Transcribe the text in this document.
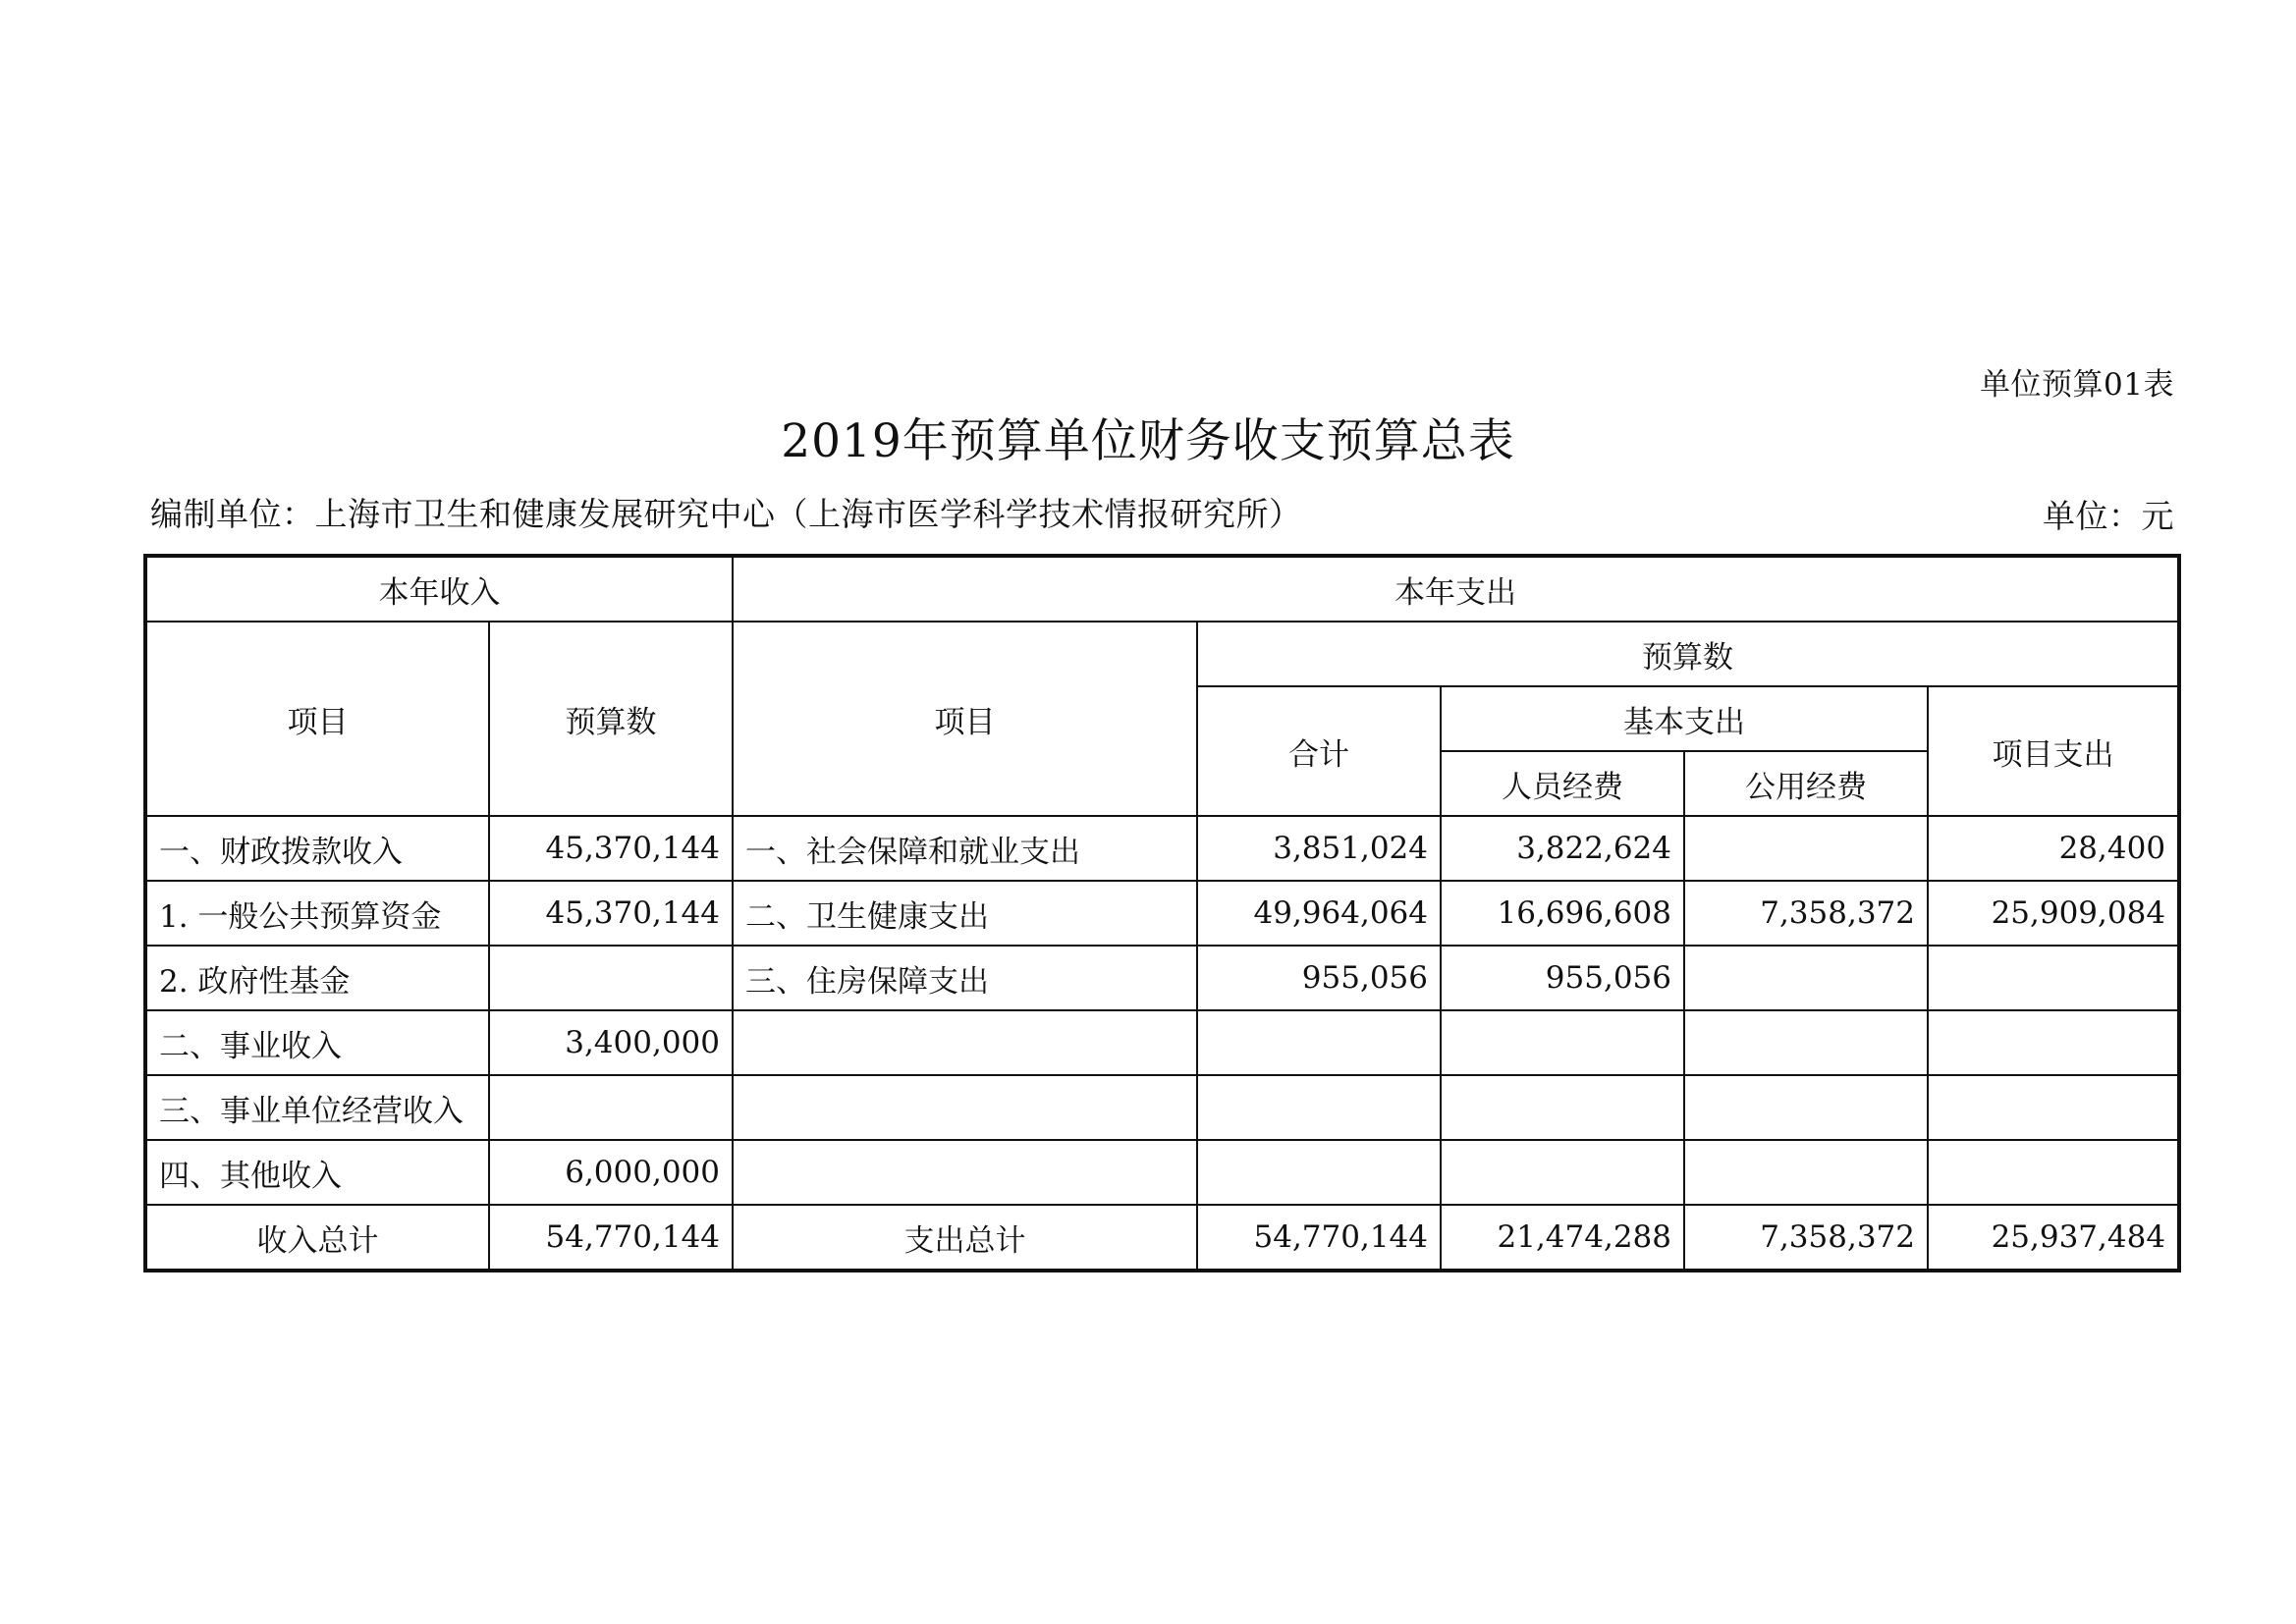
单位预算01表
2019年预算单位财务收支预算总表
编制单位：上海市卫生和健康发展研究中心（上海市医学科学技术情报研究所）	单位：元
本年收入		本年支出				
项目	预算数	项目	预算数			
			合计	基本支出		项目支出
				人员经费	公用经费	
一、财政拨款收入	45,370,144	一、社会保障和就业支出	3,851,024	3,822,624		28,400
1. 一般公共预算资金	45,370,144	二、卫生健康支出	49,964,064	16,696,608	7,358,372	25,909,084
2. 政府性基金		三、住房保障支出	955,056	955,056		
二、事业收入	3,400,000					
三、事业单位经营收入						
四、其他收入	6,000,000					
收入总计	54,770,144	支出总计	54,770,144	21,474,288	7,358,372	25,937,484
